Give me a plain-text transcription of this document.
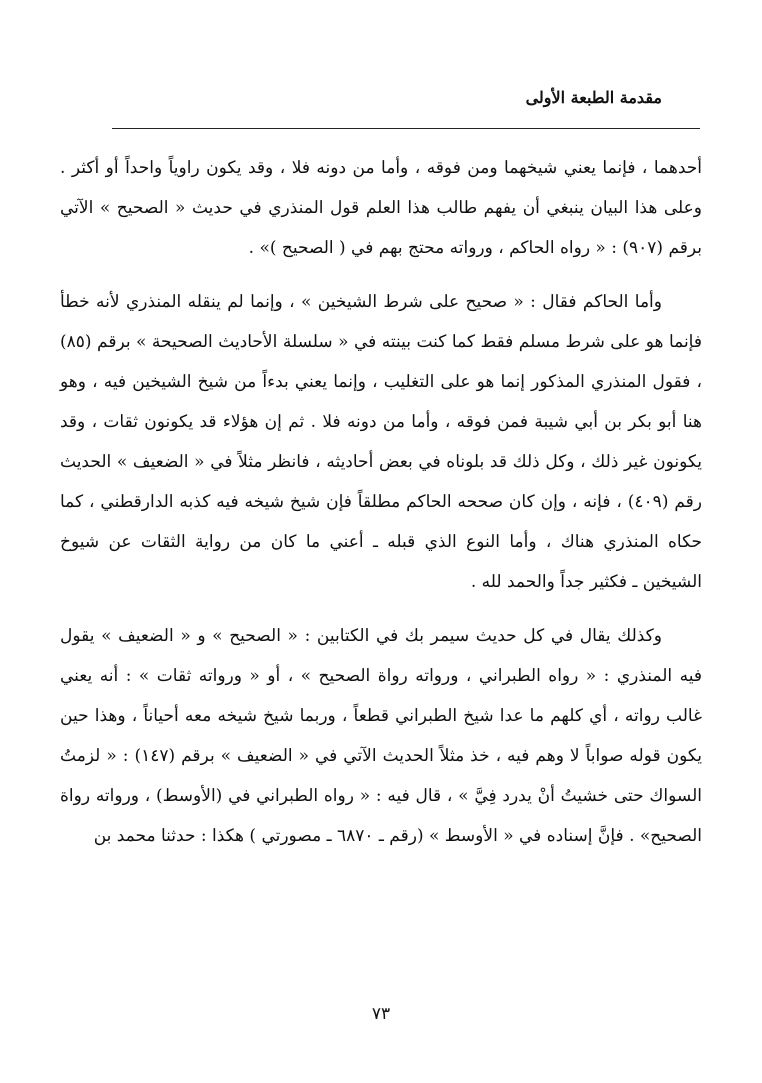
مقدمة الطبعة الأولى

أحدهما ، فإنما يعني شيخهما ومن فوقه ، وأما من دونه فلا ، وقد يكون راوياً واحداً أو أكثر . وعلى هذا البيان ينبغي أن يفهم طالب هذا العلم قول المنذري في حديث « الصحيح » الآتي برقم (٩٠٧) : « رواه الحاكم ، ورواته محتج بهم في ( الصحيح )» .

وأما الحاكم فقال : « صحيح على شرط الشيخين » ، وإنما لم ينقله المنذري لأنه خطأ فإنما هو على شرط مسلم فقط كما كنت بينته في « سلسلة الأحاديث الصحيحة » برقم (٨٥) ، فقول المنذري المذكور إنما هو على التغليب ، وإنما يعني بدءاً من شيخ الشيخين فيه ، وهو هنا أبو بكر بن أبي شيبة فمن فوقه ، وأما من دونه فلا . ثم إن هؤلاء قد يكونون ثقات ، وقد يكونون غير ذلك ، وكل ذلك قد بلوناه في بعض أحاديثه ، فانظر مثلاً في « الضعيف » الحديث رقم (٤٠٩) ، فإنه ، وإن كان صححه الحاكم مطلقاً فإن شيخ شيخه فيه كذبه الدارقطني ، كما حكاه المنذري هناك ، وأما النوع الذي قبله ـ أعني ما كان من رواية الثقات عن شيوخ الشيخين ـ فكثير جداً والحمد لله .

وكذلك يقال في كل حديث سيمر بك في الكتابين : « الصحيح » و « الضعيف » يقول فيه المنذري : « رواه الطبراني ، ورواته رواة الصحيح » ، أو « ورواته ثقات » : أنه يعني غالب رواته ، أي كلهم ما عدا شيخ الطبراني قطعاً ، وربما شيخ شيخه معه أحياناً ، وهذا حين يكون قوله صواباً لا وهم فيه ، خذ مثلاً الحديث الآتي في « الضعيف » برقم (١٤٧) : « لزمتُ السواك حتى خشيتُ أنْ يدرد فِيَّ » ، قال فيه : « رواه الطبراني في (الأوسط) ، ورواته رواة الصحيح» . فإنَّ إسناده في « الأوسط » (رقم ـ ٦٨٧٠ ـ مصورتي ) هكذا : حدثنا محمد بن

٧٣
